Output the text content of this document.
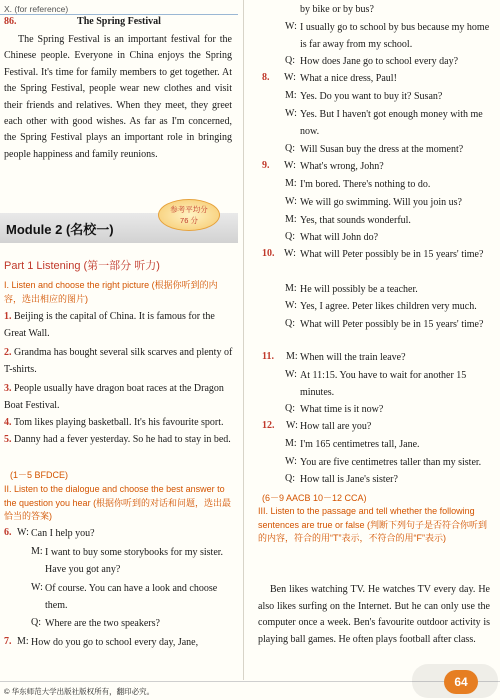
X. (for reference)
86.	The Spring Festival

The Spring Festival is an important festival for the Chinese people. Everyone in China enjoys the Spring Festival. It's time for family members to get together. At the Spring Festival, people wear new clothes and visit their friends and relatives. When they meet, they greet each other with good wishes. As far as I'm concerned, the Spring Festival plays an important role in bringing people happiness and family reunions.

Module 2 (名校一)
参考平均分
76 分
Part 1 Listening (第一部分 听力)
I. Listen and choose the right picture (根据你听到的内容，选出相应的图片)
1. Beijing is the capital of China. It is famous for the Great Wall.
2. Grandma has bought several silk scarves and plenty of T-shirts.
3. People usually have dragon boat races at the Dragon Boat Festival.
4. Tom likes playing basketball. It's his favourite sport.
5. Danny had a fever yesterday. So he had to stay in bed.
(1－5 BFDCE)
II. Listen to the dialogue and choose the best answer to the question you hear (根据你听到的对话和问题，选出最恰当的答案)
6. W: Can I help you?
M: I want to buy some storybooks for my sister. Have you got any?
W: Of course. You can have a look and choose them.
Q: Where are the two speakers?
7. M: How do you go to school every day, Jane,
by bike or by bus?
W: I usually go to school by bus because my home is far away from my school.
Q: How does Jane go to school every day?
8. W: What a nice dress, Paul!
M: Yes. Do you want to buy it? Susan?
W: Yes. But I haven't got enough money with me now.
Q: Will Susan buy the dress at the moment?
9. W: What's wrong, John?
M: I'm bored. There's nothing to do.
W: We will go swimming. Will you join us?
M: Yes, that sounds wonderful.
Q: What will John do?
10. W: What will Peter possibly be in 15 years' time?
M: He will possibly be a teacher.
W: Yes, I agree. Peter likes children very much.
Q: What will Peter possibly be in 15 years' time?
11. M: When will the train leave?
W: At 11:15. You have to wait for another 15 minutes.
Q: What time is it now?
12. W: How tall are you?
M: I'm 165 centimetres tall, Jane.
W: You are five centimetres taller than my sister.
Q: How tall is Jane's sister?
(6－9 AACB 10－12 CCA)
III. Listen to the passage and tell whether the following sentences are true or false (判断下列句子是否符合你听到的内容，符合的用“T”表示，不符合的用“F”表示)

Ben likes watching TV. He watches TV every day. He also likes surfing on the Internet. But he can only use the computer once a week. Ben's favourite outdoor activity is playing ball games. He often plays football after class.

© 华东师范大学出版社版权所有，翻印必究。
64
